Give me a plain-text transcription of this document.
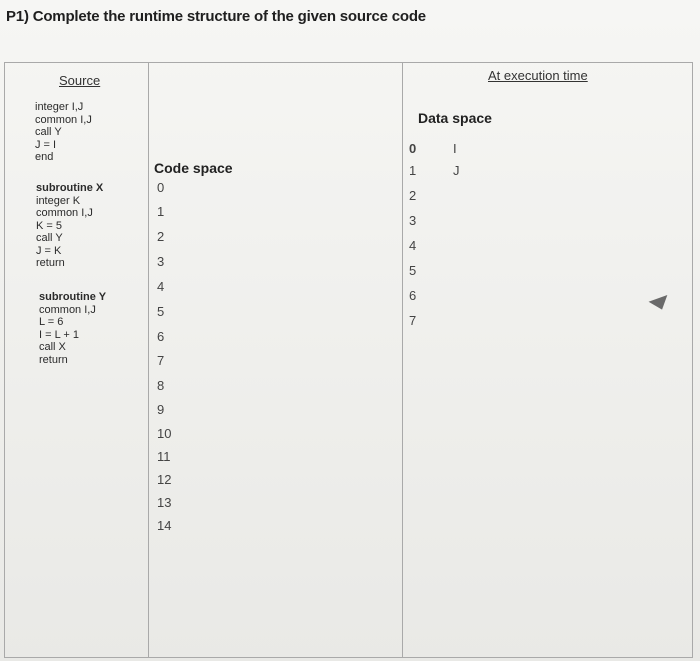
P1) Complete the runtime structure of the given source code
Source	At execution time
integer I,J
common I,J
call Y
J = I
end
subroutine X
integer K
common I,J
K = 5
call Y
J = K
return
subroutine Y
common I,J
L = 6
I = L + 1
call X
return
Code space
0
1
2
3
4
5
6
7
8
9
10
11
12
13
14
Data space
0
1
2
3
4
5
6
7
I
J
